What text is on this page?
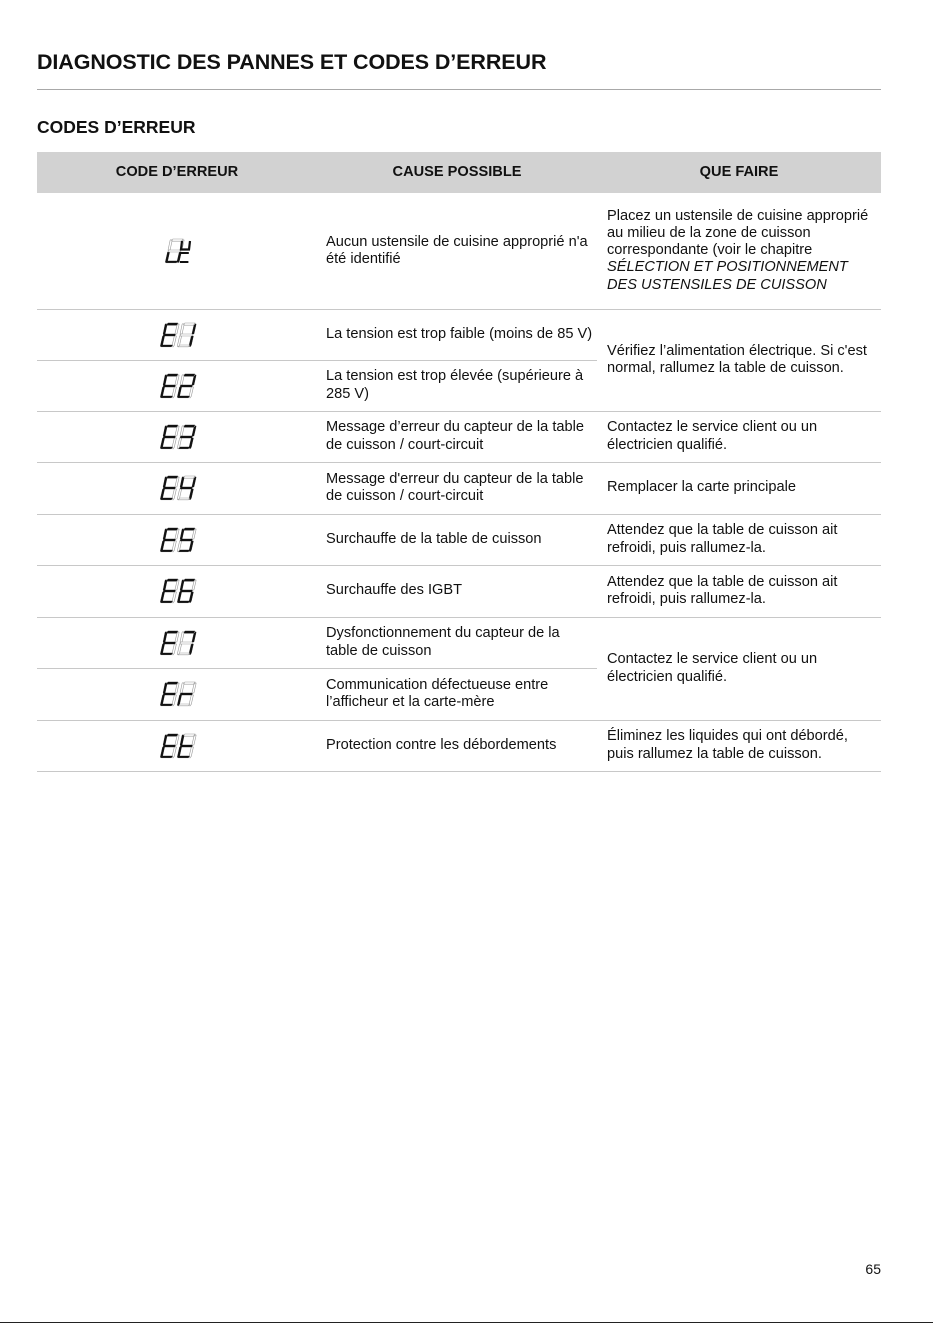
DIAGNOSTIC DES PANNES ET CODES D’ERREUR
CODES D’ERREUR
CODE D’ERREUR	CAUSE POSSIBLE	QUE FAIRE

	Aucun ustensile de cuisine approprié n'a été identifié	Placez un ustensile de cuisine approprié au milieu de la zone de cuisson correspondante (voir le chapitre SÉLECTION ET POSITIONNEMENT DES USTENSILES DE CUISSON

	La tension est trop faible (moins de 85 V)	Vérifiez l’alimentation électrique. Si c'est normal, rallumez la table de cuisson.

	La tension est trop élevée (supérieure à 285 V)	

	Message d’erreur du capteur de la table de cuisson / court-circuit	Contactez le service client ou un électricien qualifié.

	Message d'erreur du capteur de la table de cuisson / court-circuit	Remplacer la carte principale

	Surchauffe de la table de cuisson	Attendez que la table de cuisson ait refroidi, puis rallumez-la.

	Surchauffe des IGBT	Attendez que la table de cuisson ait refroidi, puis rallumez-la.

	Dysfonctionnement du capteur de la table de cuisson	Contactez le service client ou un électricien qualifié.

	Communication défectueuse entre l’afficheur et la carte-mère	

	Protection contre les débordements	Éliminez les liquides qui ont débordé, puis rallumez la table de cuisson.
65
